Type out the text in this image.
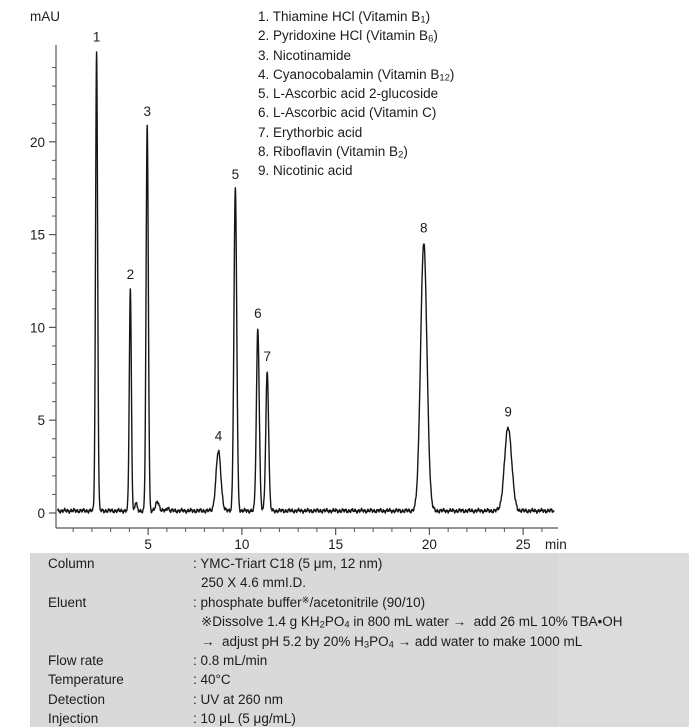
0
5
10
15
20
5	10	15	20	25
mAU
min
1
2
3
4
5
6
7
8
9
1. Thiamine HCl (Vitamin $B_1$)
2. Pyridoxine HCl (Vitamin $B_6$)
3. Nicotinamide
4. Cyanocobalamin (Vitamin $B_{12}$)
5. L-Ascorbic acid 2-glucoside
6. L-Ascorbic acid (Vitamin C)
7. Erythorbic acid
8. Riboflavin (Vitamin $B_2$)
9. Nicotinic acid
Column	: YMC-Triart C18 (5 μm, 12 nm)
250 X 4.6 mmI.D.
Eluent	: phosphate buffer※/acetonitrile (90/10)
※Dissolve 1.4 g $KH_2PO_4$ in 800 mL water →  add 26 mL 10% TBA•OH
→  adjust pH 5.2 by 20% $H_3PO_4$ → add water to make 1000 mL
Flow rate	: 0.8 mL/min
Temperature	: 40°C
Detection	: UV at 260 nm
Injection	: 10 μL (5 μg/mL)
